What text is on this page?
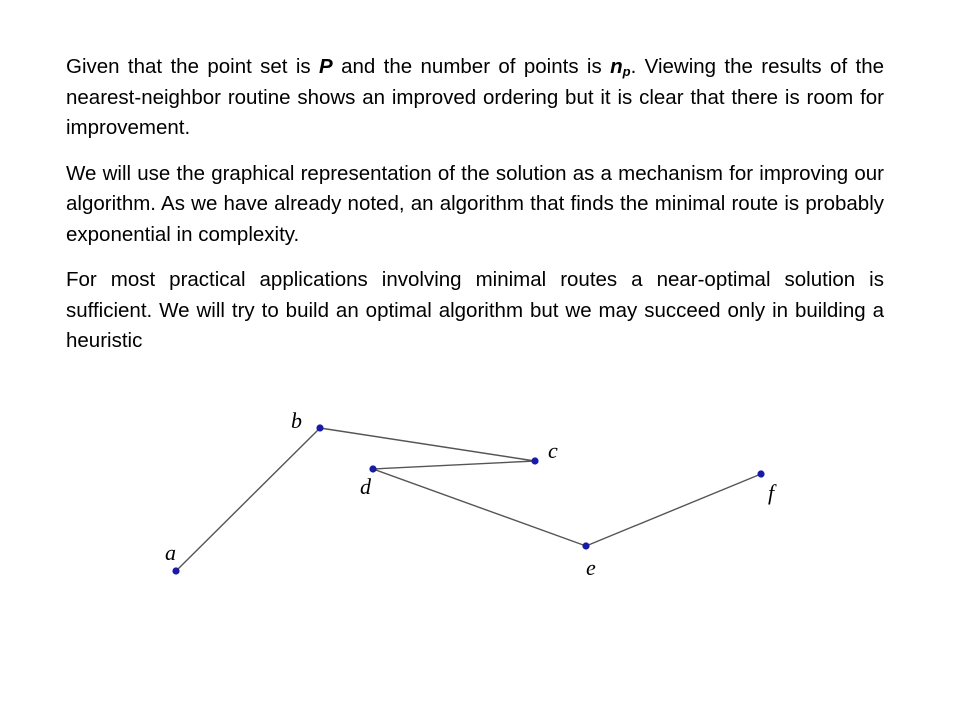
Given that the point set is P and the number of points is $n_p$. Viewing the results of the nearest-neighbor routine shows an improved ordering but it is clear that there is room for improvement.

We will use the graphical representation of the solution as a mechanism for improving our algorithm. As we have already noted, an algorithm that finds the minimal route is probably exponential in complexity.

For most practical applications involving minimal routes a near-optimal solution is sufficient. We will try to build an optimal algorithm but we may succeed only in building a heuristic

a
b
c
d
e
f
